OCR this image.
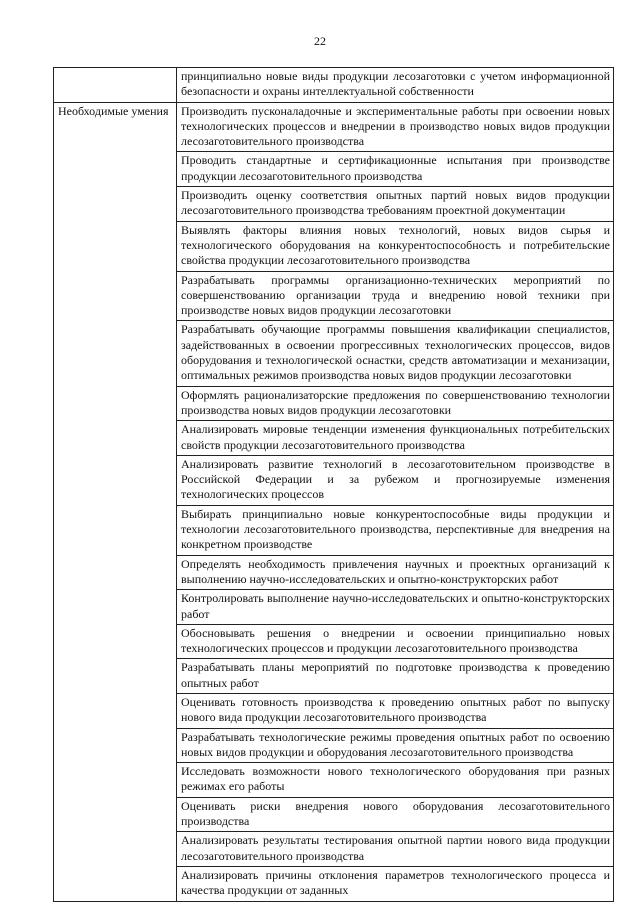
22
	принципиально новые виды продукции лесозаготовки с учетом информационной безопасности и охраны интеллектуальной собственности
Необходимые умения	Производить пусконаладочные и экспериментальные работы при освоении новых технологических процессов и внедрении в производство новых видов продукции лесозаготовительного производства
	Проводить стандартные и сертификационные испытания при производстве продукции лесозаготовительного производства
	Производить оценку соответствия опытных партий новых видов продукции лесозаготовительного производства требованиям проектной документации
	Выявлять факторы влияния новых технологий, новых видов сырья и технологического оборудования на конкурентоспособность и потребительские свойства продукции лесозаготовительного производства
	Разрабатывать программы организационно-технических мероприятий по совершенствованию организации труда и внедрению новой техники при производстве новых видов продукции лесозаготовки
	Разрабатывать обучающие программы повышения квалификации специалистов, задействованных в освоении прогрессивных технологических процессов, видов оборудования и технологической оснастки, средств автоматизации и механизации, оптимальных режимов производства новых видов продукции лесозаготовки
	Оформлять рационализаторские предложения по совершенствованию технологии производства новых видов продукции лесозаготовки
	Анализировать мировые тенденции изменения функциональных потребительских свойств продукции лесозаготовительного производства
	Анализировать развитие технологий в лесозаготовительном производстве в Российской Федерации и за рубежом и прогнозируемые изменения технологических процессов
	Выбирать принципиально новые конкурентоспособные виды продукции и технологии лесозаготовительного производства, перспективные для внедрения на конкретном производстве
	Определять необходимость привлечения научных и проектных организаций к выполнению научно-исследовательских и опытно-конструкторских работ
	Контролировать выполнение научно-исследовательских и опытно-конструкторских работ
	Обосновывать решения о внедрении и освоении принципиально новых технологических процессов и продукции лесозаготовительного производства
	Разрабатывать планы мероприятий по подготовке производства к проведению опытных работ
	Оценивать готовность производства к проведению опытных работ по выпуску нового вида продукции лесозаготовительного производства
	Разрабатывать технологические режимы проведения опытных работ по освоению новых видов продукции и оборудования лесозаготовительного производства
	Исследовать возможности нового технологического оборудования при разных режимах его работы
	Оценивать риски внедрения нового оборудования лесозаготовительного производства
	Анализировать результаты тестирования опытной партии нового вида продукции лесозаготовительного производства
	Анализировать причины отклонения параметров технологического процесса и качества продукции от заданных
